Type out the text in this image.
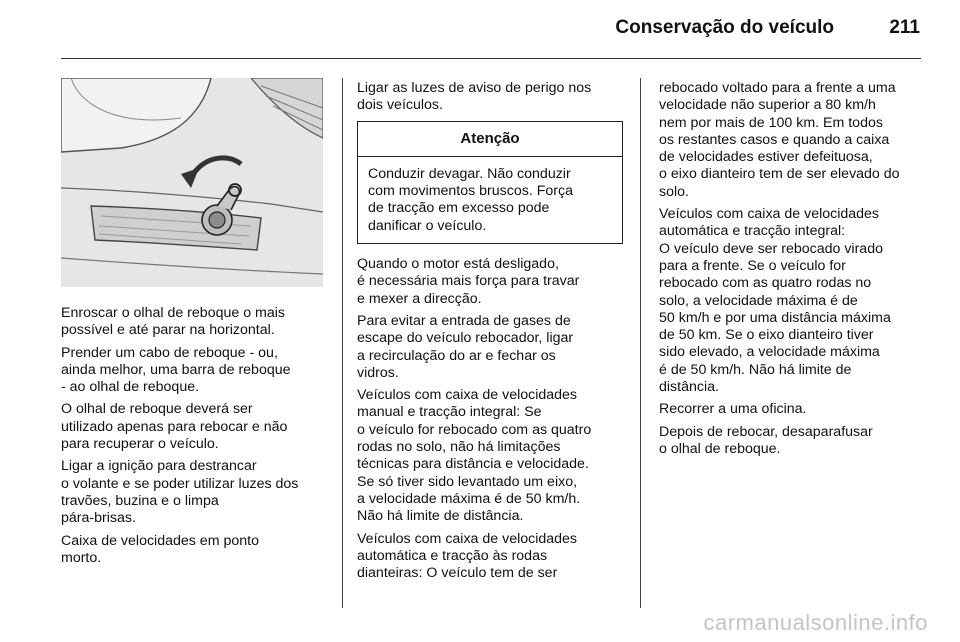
Conservação do veículo	211

Enroscar o olhal de reboque o mais
possível e até parar na horizontal.

Prender um cabo de reboque - ou,
ainda melhor, uma barra de reboque
- ao olhal de reboque.

O olhal de reboque deverá ser
utilizado apenas para rebocar e não
para recuperar o veículo.

Ligar a ignição para destrancar
o volante e se poder utilizar luzes dos
travões, buzina e o limpa
pára-brisas.

Caixa de velocidades em ponto
morto.

Ligar as luzes de aviso de perigo nos
dois veículos.

Atenção

Conduzir devagar. Não conduzir
com movimentos bruscos. Força
de tracção em excesso pode
danificar o veículo.

Quando o motor está desligado,
é necessária mais força para travar
e mexer a direcção.

Para evitar a entrada de gases de
escape do veículo rebocador, ligar
a recirculação do ar e fechar os
vidros.

Veículos com caixa de velocidades
manual e tracção integral: Se
o veículo for rebocado com as quatro
rodas no solo, não há limitações
técnicas para distância e velocidade.
Se só tiver sido levantado um eixo,
a velocidade máxima é de 50 km/h.
Não há limite de distância.

Veículos com caixa de velocidades
automática e tracção às rodas
dianteiras: O veículo tem de ser

rebocado voltado para a frente a uma
velocidade não superior a 80 km/h
nem por mais de 100 km. Em todos
os restantes casos e quando a caixa
de velocidades estiver defeituosa,
o eixo dianteiro tem de ser elevado do
solo.

Veículos com caixa de velocidades
automática e tracção integral:
O veículo deve ser rebocado virado
para a frente. Se o veículo for
rebocado com as quatro rodas no
solo, a velocidade máxima é de
50 km/h e por uma distância máxima
de 50 km. Se o eixo dianteiro tiver
sido elevado, a velocidade máxima
é de 50 km/h. Não há limite de
distância.

Recorrer a uma oficina.

Depois de rebocar, desaparafusar
o olhal de reboque.

carmanualsonline.info
